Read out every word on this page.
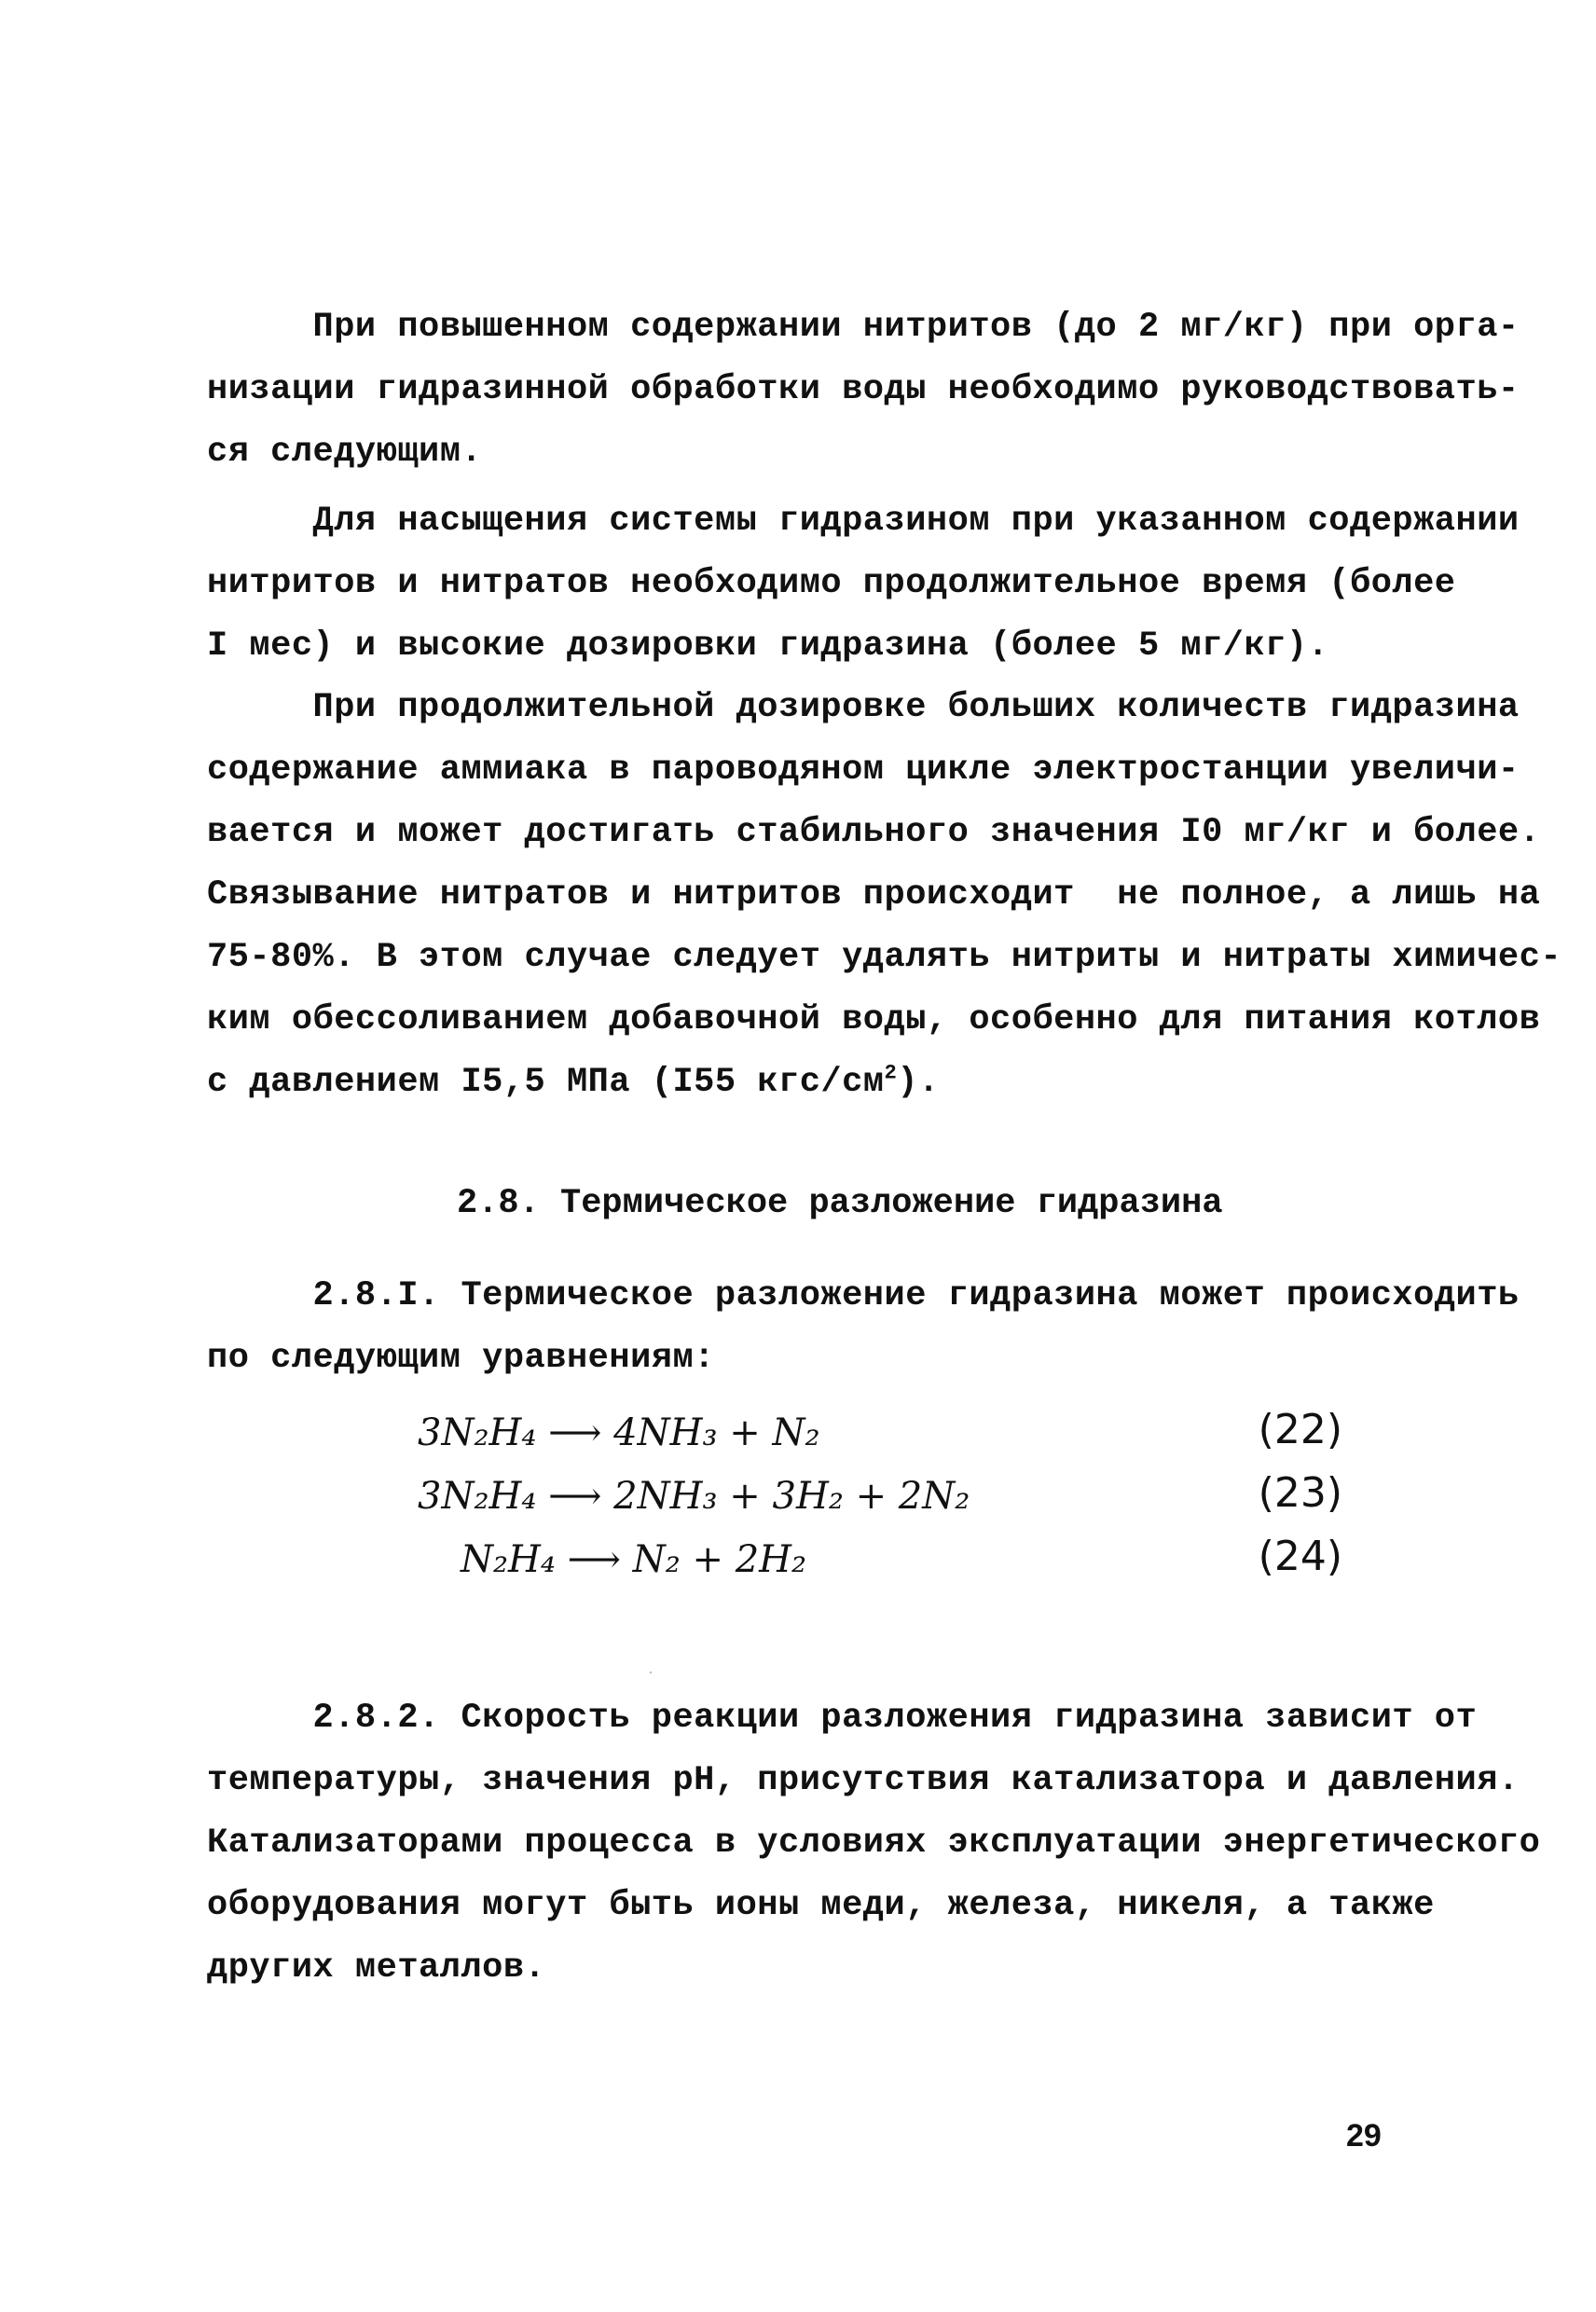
При повышенном содержании нитритов (до 2 мг/кг) при орга-
низации гидразинной обработки воды необходимо руководствовать-
ся следующим.
Для насыщения системы гидразином при указанном содержании
нитритов и нитратов необходимо продолжительное время (более
I мес) и высокие дозировки гидразина (более 5 мг/кг).
При продолжительной дозировке больших количеств гидразина
содержание аммиака в пароводяном цикле электростанции увеличи-
вается и может достигать стабильного значения I0 мг/кг и более.
Связывание нитратов и нитритов происходит  не полное, а лишь на
75-80%. В этом случае следует удалять нитриты и нитраты химичес-
ким обессоливанием добавочной воды, особенно для питания котлов
с давлением I5,5 МПа (I55 кгс/$см^2$).
2.8. Термическое разложение гидразина
2.8.I. Термическое разложение гидразина может происходить
по следующим уравнениям:
3N₂H₄ ⟶ 4NH₃ + N₂	(22)
3N₂H₄ ⟶ 2NH₃ + 3H₂ + 2N₂	(23)
N₂H₄ ⟶ N₂ + 2H₂	(24)
2.8.2. Скорость реакции разложения гидразина зависит от
температуры, значения pH, присутствия катализатора и давления.
Катализаторами процесса в условиях эксплуатации энергетического
оборудования могут быть ионы меди, железа, никеля, а также
других металлов.
29
